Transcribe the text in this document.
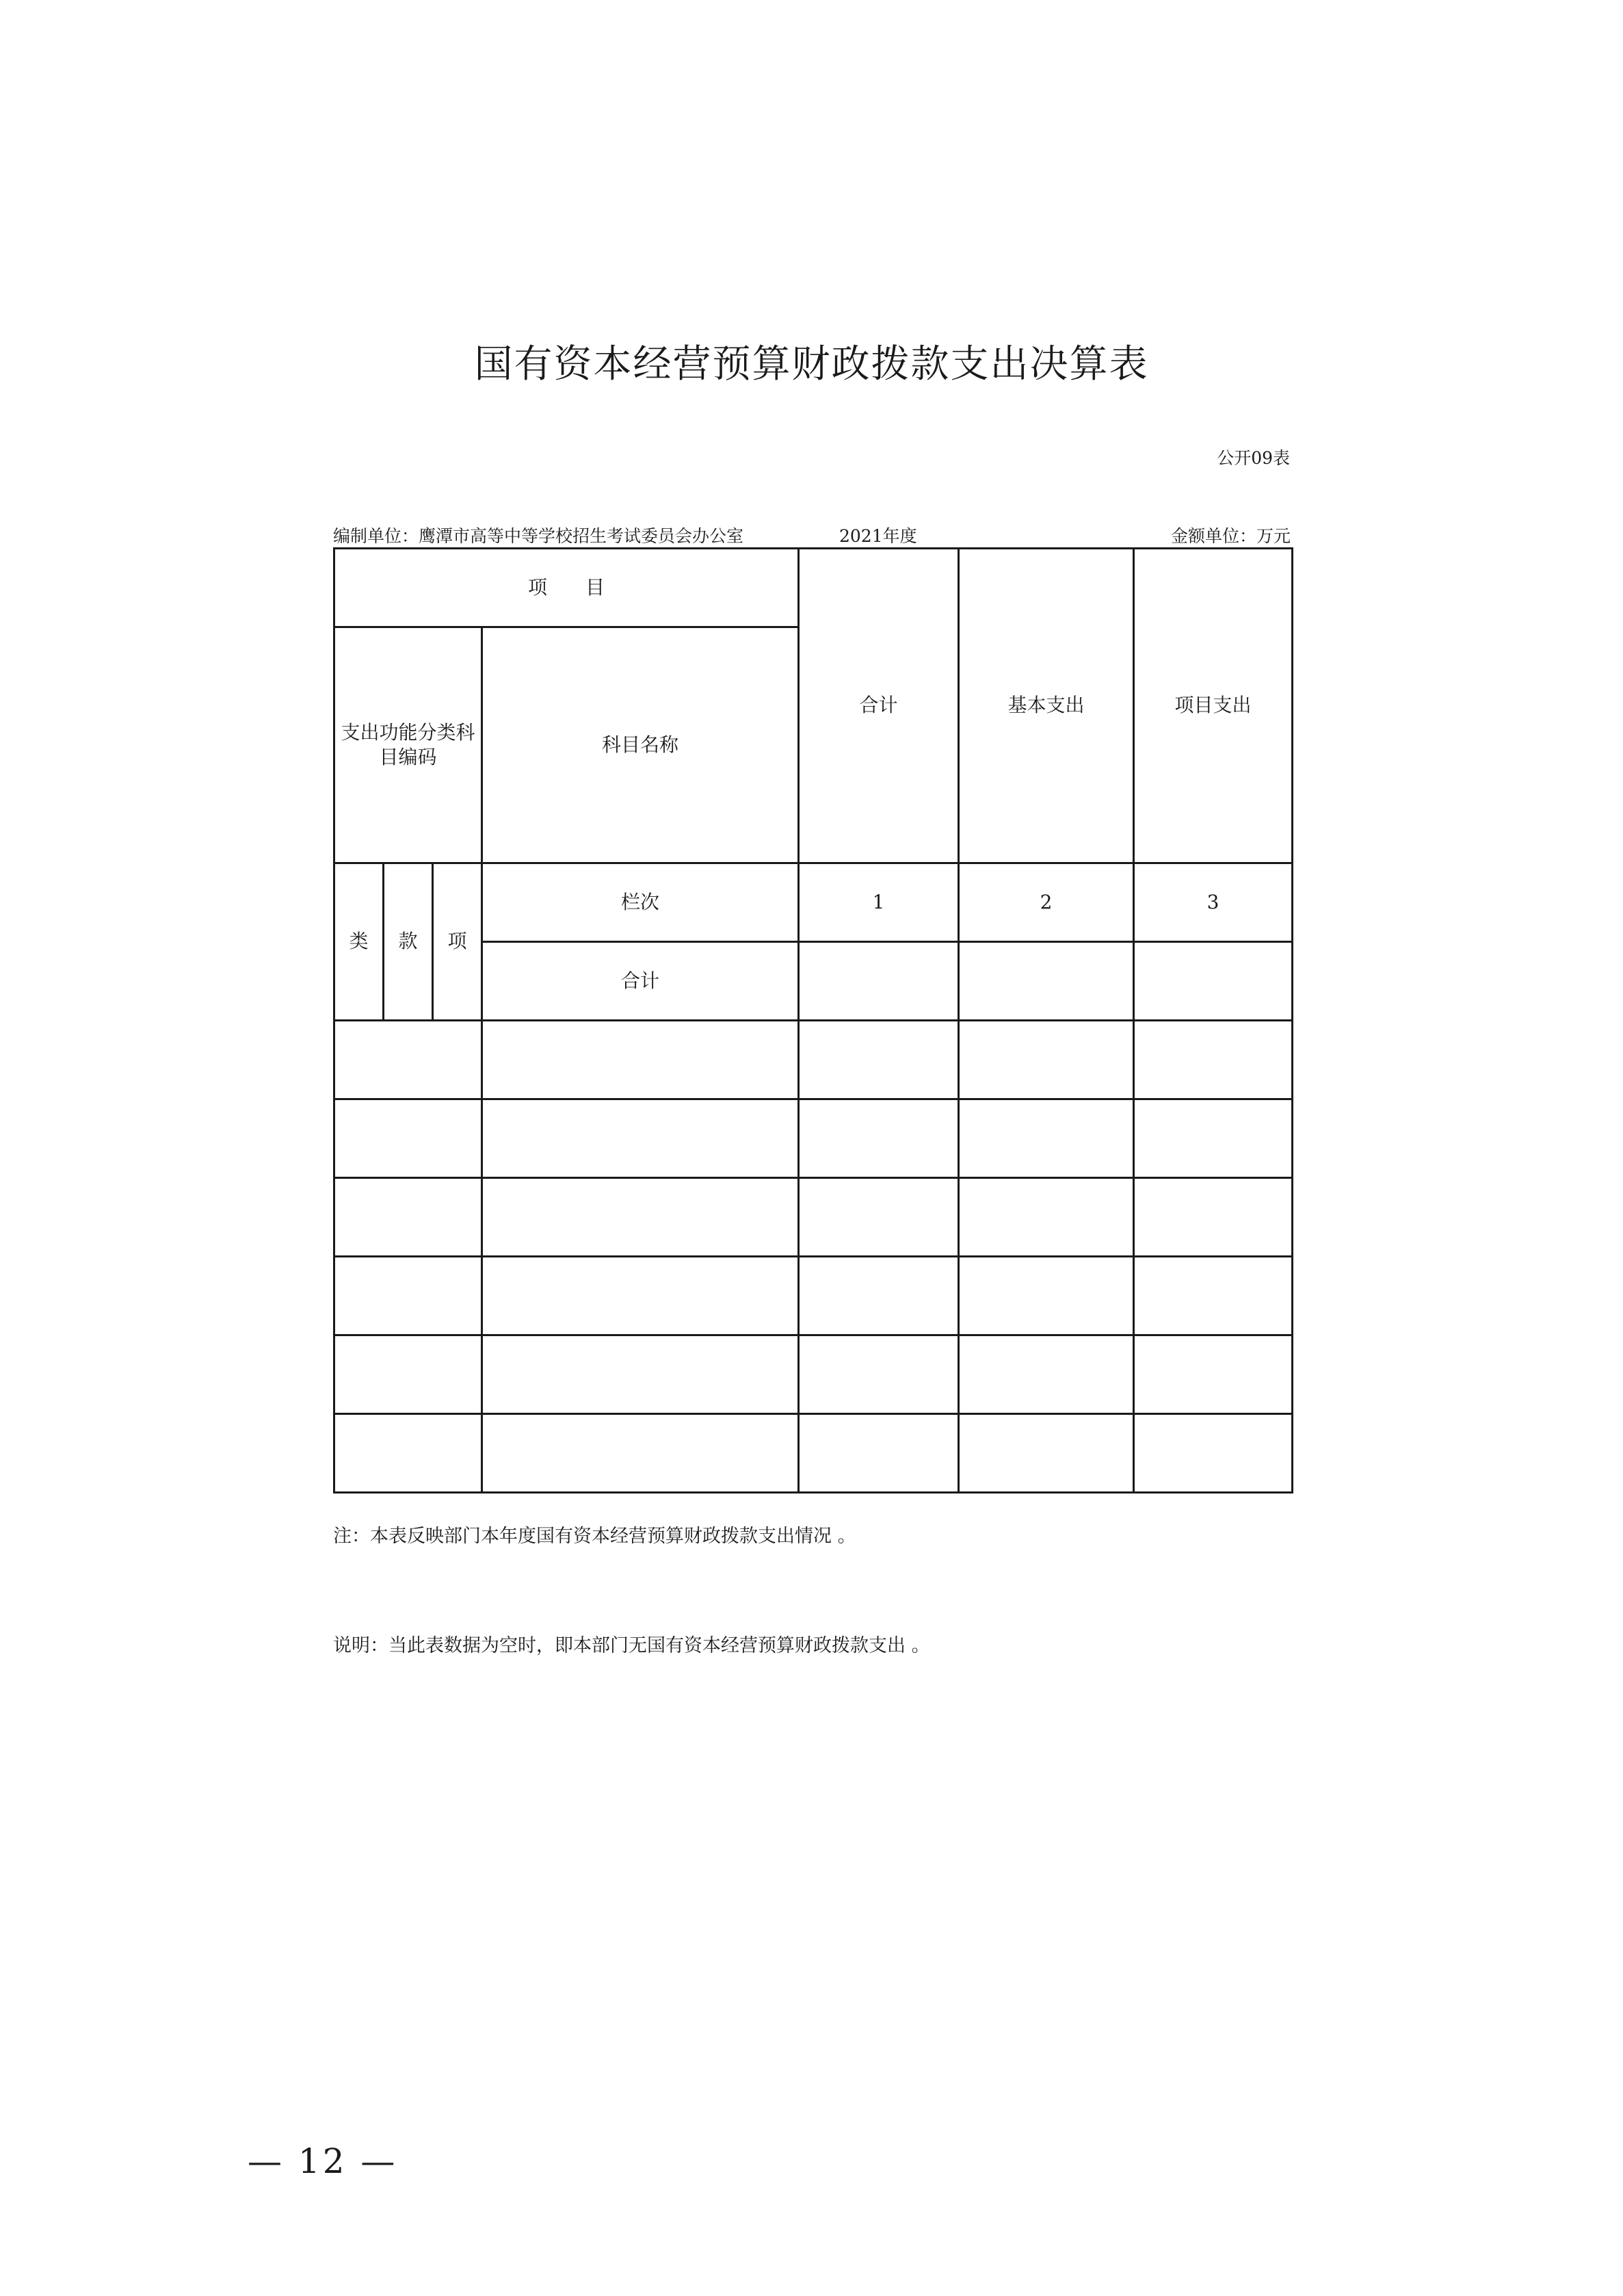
国有资本经营预算财政拨款支出决算表
公开09表
编制单位：鹰潭市高等中等学校招生考试委员会办公室	2021年度	金额单位：万元
项　　目				合计	基本支出	项目支出
支出功能分类科目编码			科目名称			
类	款	项	栏次	1	2	3
			合计			

注：本表反映部门本年度国有资本经营预算财政拨款支出情况 。
说明：当此表数据为空时，即本部门无国有资本经营预算财政拨款支出 。
— 12 —
